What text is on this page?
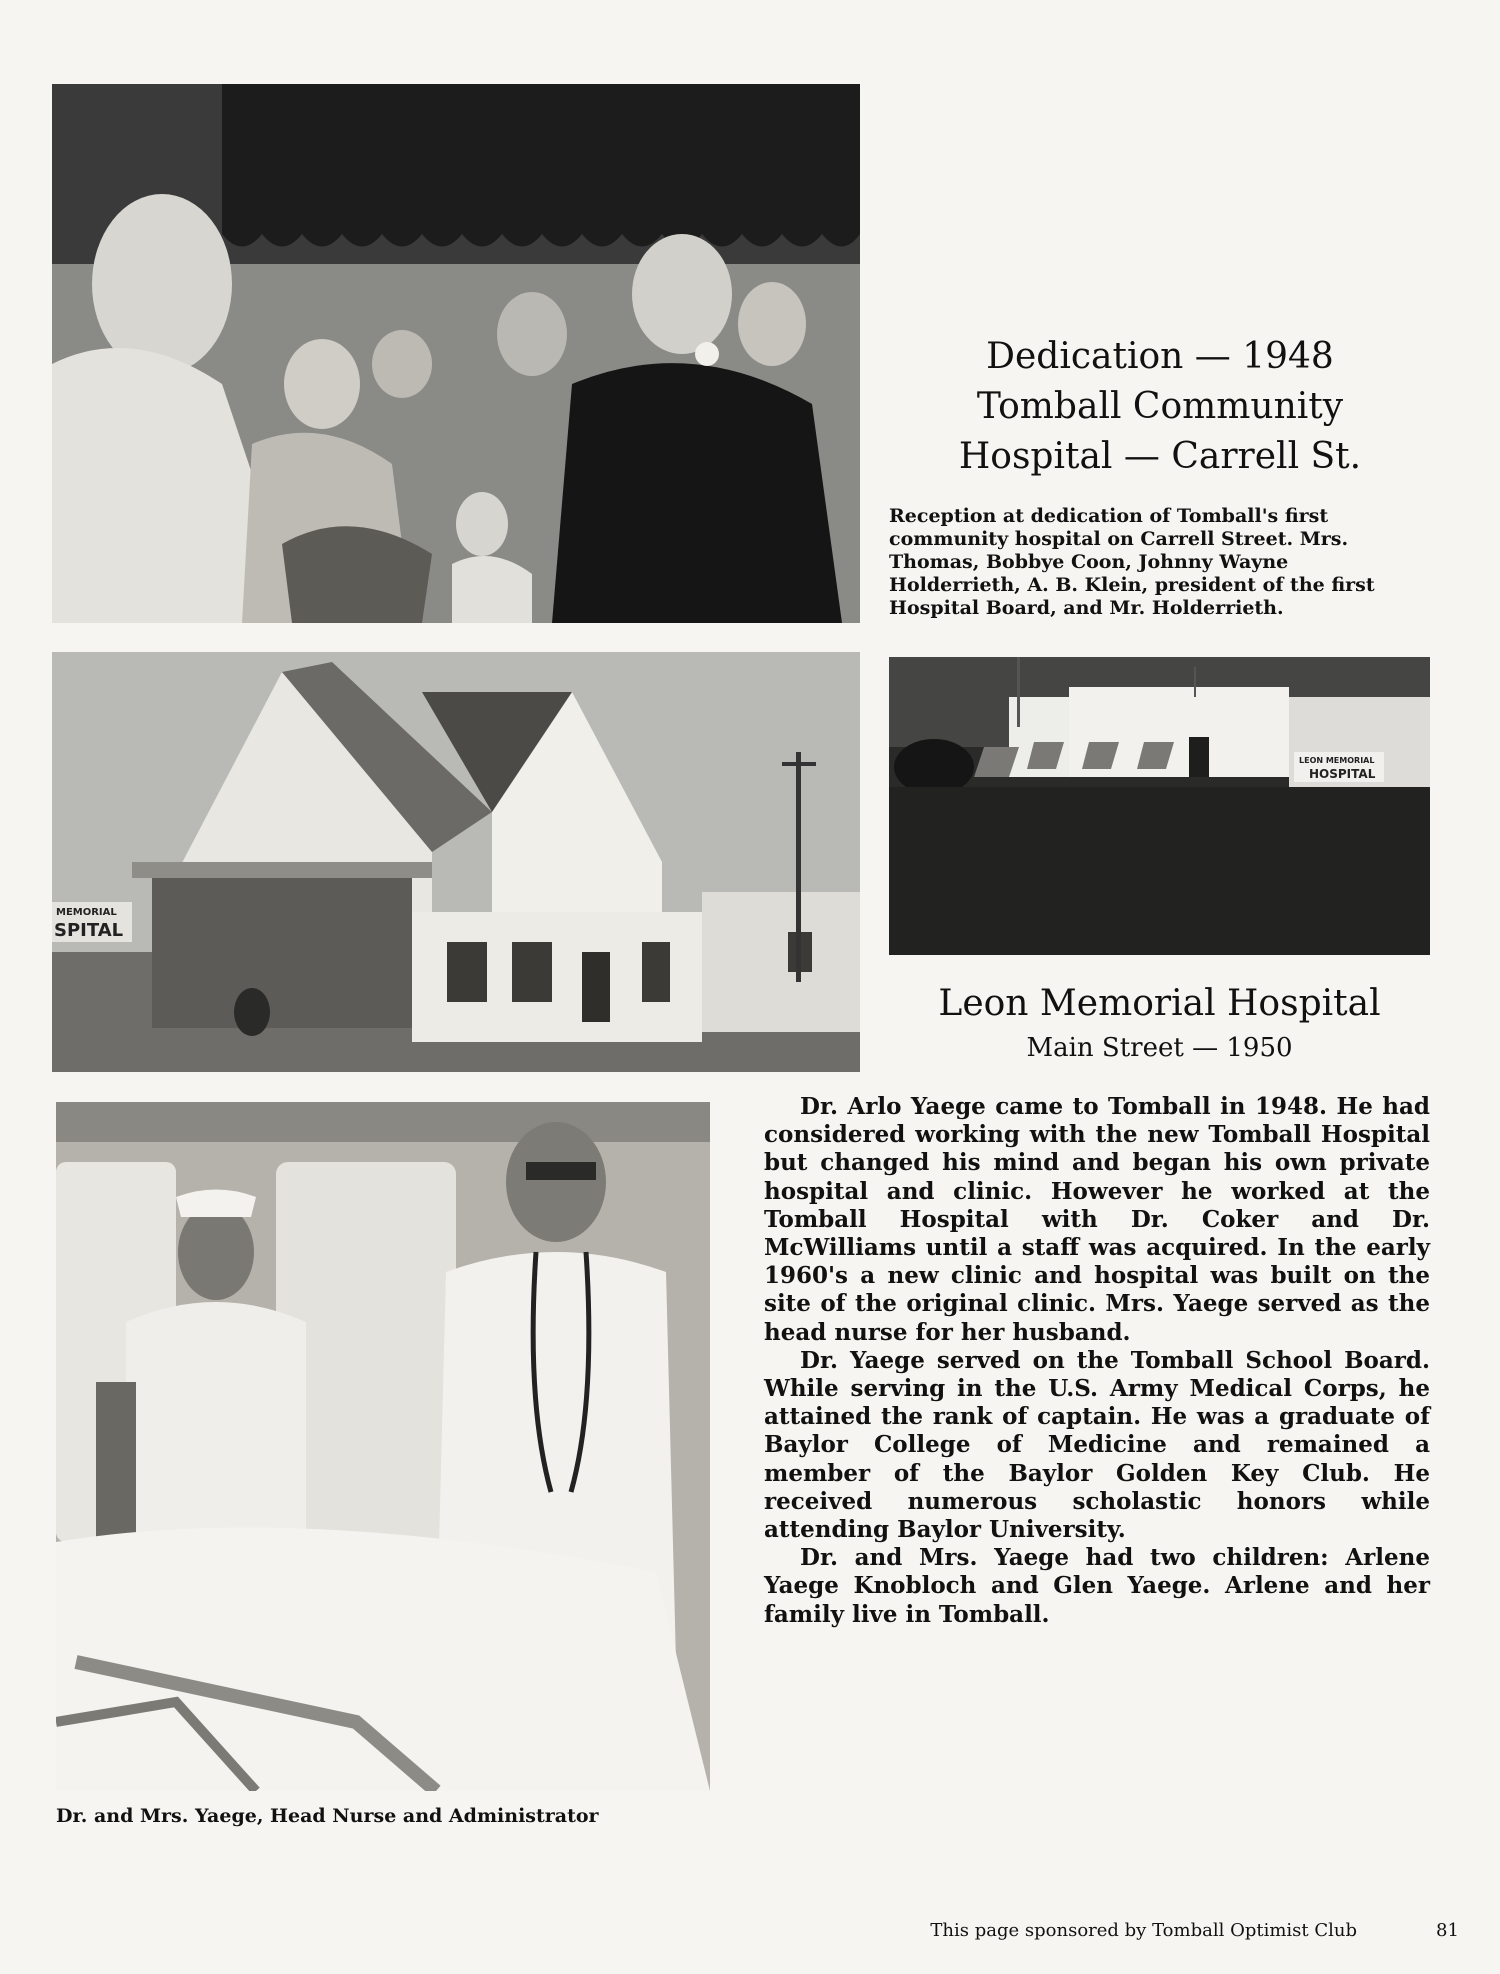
Dedication — 1948
Tomball Community
Hospital — Carrell St.
Reception at dedication of Tomball's first community hospital on Carrell Street. Mrs. Thomas, Bobbye Coon, Johnny Wayne Holderrieth, A. B. Klein, president of the first Hospital Board, and Mr. Holderrieth.
MEMORIAL
SPITAL
LEON MEMORIAL
HOSPITAL
Leon Memorial Hospital
Main Street — 1950

Dr. Arlo Yaege came to Tomball in 1948. He had considered working with the new Tomball Hospital but changed his mind and began his own private hospital and clinic. However he worked at the Tomball Hospital with Dr. Coker and Dr. McWilliams until a staff was acquired. In the early 1960's a new clinic and hospital was built on the site of the original clinic. Mrs. Yaege served as the head nurse for her husband.

Dr. Yaege served on the Tomball School Board. While serving in the U.S. Army Medical Corps, he attained the rank of captain. He was a graduate of Baylor College of Medicine and remained a member of the Baylor Golden Key Club. He received numerous scholastic honors while attending Baylor University.

Dr. and Mrs. Yaege had two children: Arlene Yaege Knobloch and Glen Yaege. Arlene and her family live in Tomball.

Dr. and Mrs. Yaege, Head Nurse and Administrator
This page sponsored by Tomball Optimist Club	81
